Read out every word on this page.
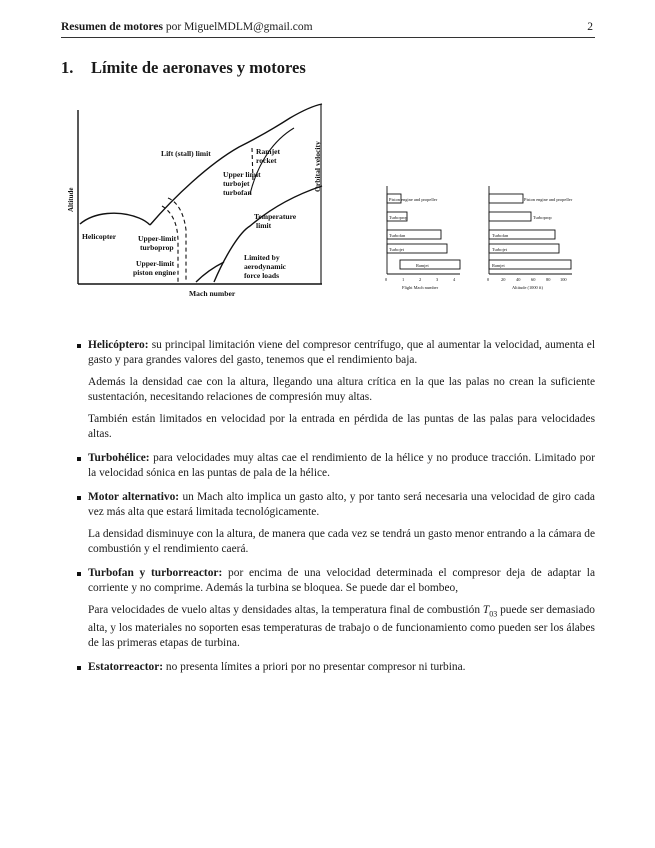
Resumen de motores por MiguelMDLM@gmail.com	2
1. Límite de aeronaves y motores
Altitude
Mach number
Lift (stall) limit	Ramjet
rocket	Orbital velocity
Upper limit
turbojet
turbofan
Helicopter	Upper-limit
turboprop
Temperature
limit
Upper-limit
piston engine
Limited by
aerodynamic
force loads
Piston engine and propeller
Turboprop
Turbofan
Turbojet
Ramjet
0	1	2	3	4
Flight Mach number
Piston engine and propeller
Turboprop
Turbofan
Turbojet
Ramjet
0	20 40 60 80 100
Altitude (1000 ft)

Helicóptero: su principal limitación viene del compresor centrífugo, que al aumentar la velocidad, aumenta el gasto y para grandes valores del gasto, tenemos que el rendimiento baja.

Además la densidad cae con la altura, llegando una altura crítica en la que las palas no crean la suficiente sustentación, necesitando relaciones de compresión muy altas.

También están limitados en velocidad por la entrada en pérdida de las puntas de las palas para velocidades altas.

Turbohélice: para velocidades muy altas cae el rendimiento de la hélice y no produce tracción. Limitado por la velocidad sónica en las puntas de pala de la hélice.

Motor alternativo: un Mach alto implica un gasto alto, y por tanto será necesaria una velocidad de giro cada vez más alta que estará limitada tecnológicamente.

La densidad disminuye con la altura, de manera que cada vez se tendrá un gasto menor entrando a la cámara de combustión y el rendimiento caerá.

Turbofan y turborreactor: por encima de una velocidad determinada el compresor deja de adaptar la corriente y no comprime. Además la turbina se bloquea. Se puede dar el bombeo,

Para velocidades de vuelo altas y densidades altas, la temperatura final de combustión $T_{03}$ puede ser demasiado alta, y los materiales no soporten esas temperaturas de trabajo o de funcionamiento como pueden ser los álabes de las primeras etapas de turbina.

Estatorreactor: no presenta límites a priori por no presentar compresor ni turbina.
